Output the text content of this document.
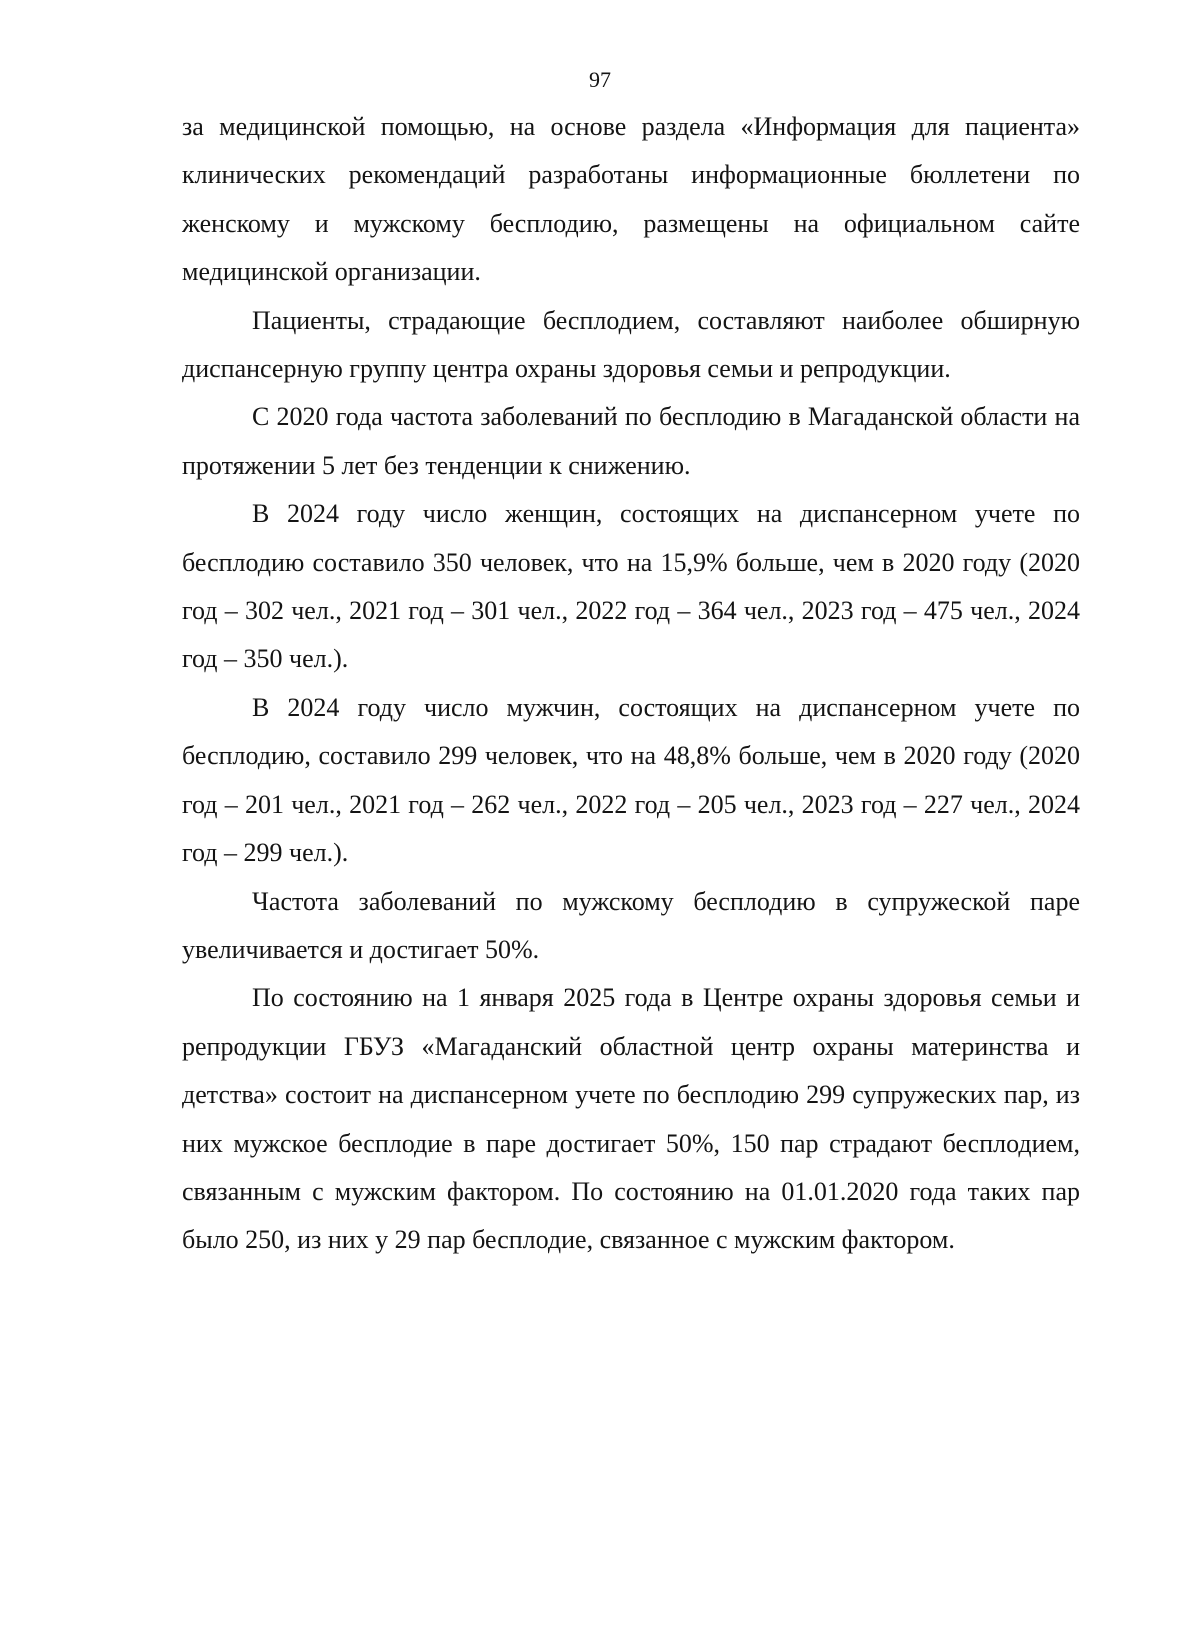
97

за медицинской помощью, на основе раздела «Информация для пациента» клинических рекомендаций разработаны информационные бюллетени по женскому и мужскому бесплодию, размещены на официальном сайте медицинской организации.

Пациенты, страдающие бесплодием, составляют наиболее обширную диспансерную группу центра охраны здоровья семьи и репродукции.

С 2020 года частота заболеваний по бесплодию в Магаданской области на протяжении 5 лет без тенденции к снижению.

В 2024 году число женщин, состоящих на диспансерном учете по бесплодию составило 350 человек, что на 15,9% больше, чем в 2020 году (2020 год – 302 чел., 2021 год – 301 чел., 2022 год – 364 чел., 2023 год – 475 чел., 2024 год – 350 чел.).

В 2024 году число мужчин, состоящих на диспансерном учете по бесплодию, составило 299 человек, что на 48,8% больше, чем в 2020 году (2020 год – 201 чел., 2021 год – 262 чел., 2022 год – 205 чел., 2023 год – 227 чел., 2024 год – 299 чел.).

Частота заболеваний по мужскому бесплодию в супружеской паре увеличивается и достигает 50%.

По состоянию на 1 января 2025 года в Центре охраны здоровья семьи и репродукции ГБУЗ «Магаданский областной центр охраны материнства и детства» состоит на диспансерном учете по бесплодию 299 супружеских пар, из них мужское бесплодие в паре достигает 50%, 150 пар страдают бесплодием, связанным с мужским фактором. По состоянию на 01.01.2020 года таких пар было 250, из них у 29 пар бесплодие, связанное с мужским фактором.
